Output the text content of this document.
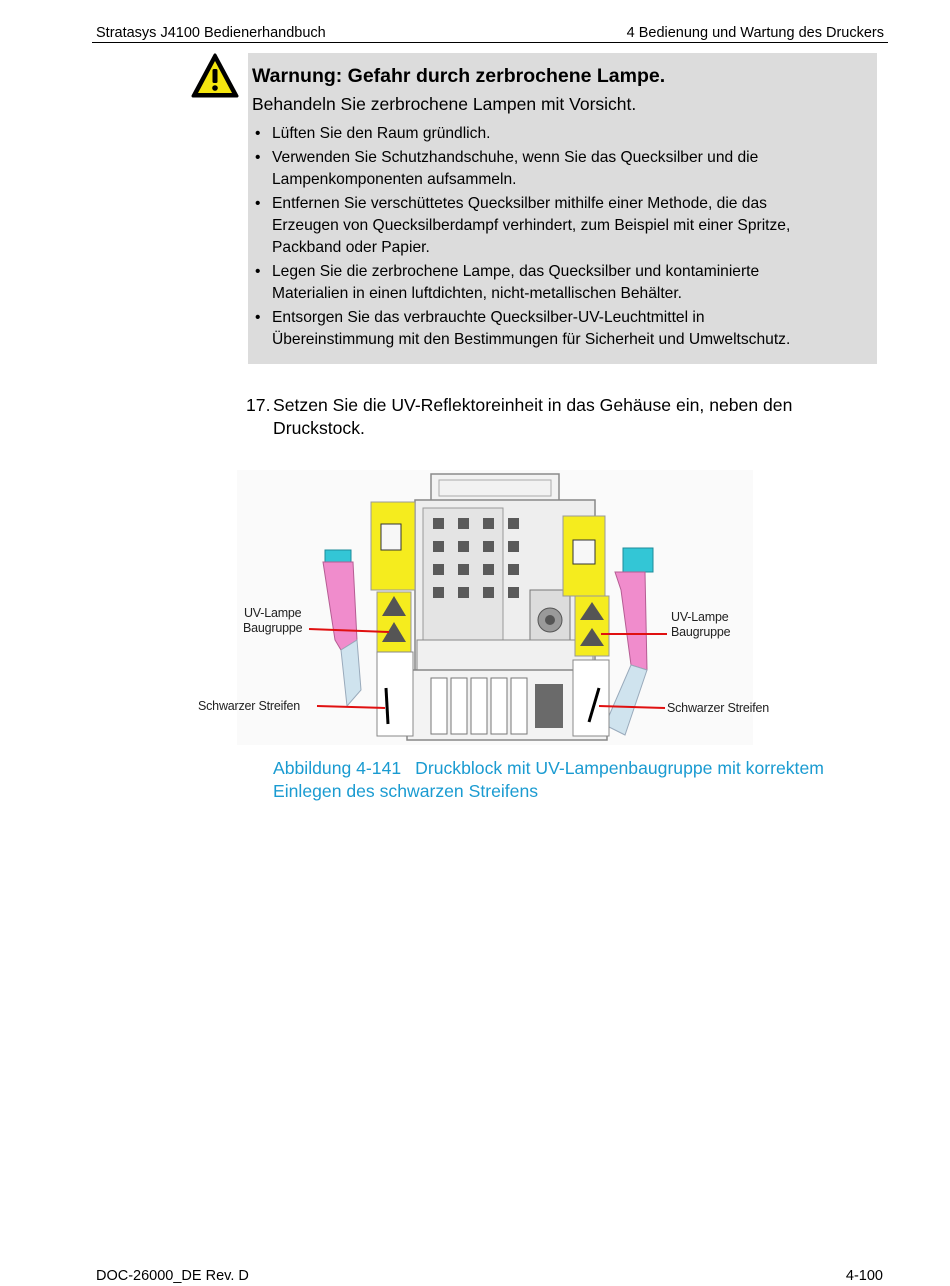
Stratasys J4100 Bedienerhandbuch	4 Bedienung und Wartung des Druckers

Warnung: Gefahr durch zerbrochene Lampe.

Behandeln Sie zerbrochene Lampen mit Vorsicht.

• Lüften Sie den Raum gründlich.
• Verwenden Sie Schutzhandschuhe, wenn Sie das Quecksilber und die
Lampenkomponenten aufsammeln.
• Entfernen Sie verschüttetes Quecksilber mithilfe einer Methode, die das
Erzeugen von Quecksilberdampf verhindert, zum Beispiel mit einer Spritze,
Packband oder Papier.
• Legen Sie die zerbrochene Lampe, das Quecksilber und kontaminierte
Materialien in einen luftdichten, nicht-metallischen Behälter.
• Entsorgen Sie das verbrauchte Quecksilber-UV-Leuchtmittel in
Übereinstimmung mit den Bestimmungen für Sicherheit und Umweltschutz.
17. Setzen Sie die UV-Reflektoreinheit in das Gehäuse ein, neben den
Druckstock.
UV-Lampe
Baugruppe
UV-Lampe
Baugruppe
Schwarzer Streifen	Schwarzer Streifen
Abbildung 4-141 Druckblock mit UV-Lampenbaugruppe mit korrektem
Einlegen des schwarzen Streifens
DOC-26000_DE Rev. D	4-100
